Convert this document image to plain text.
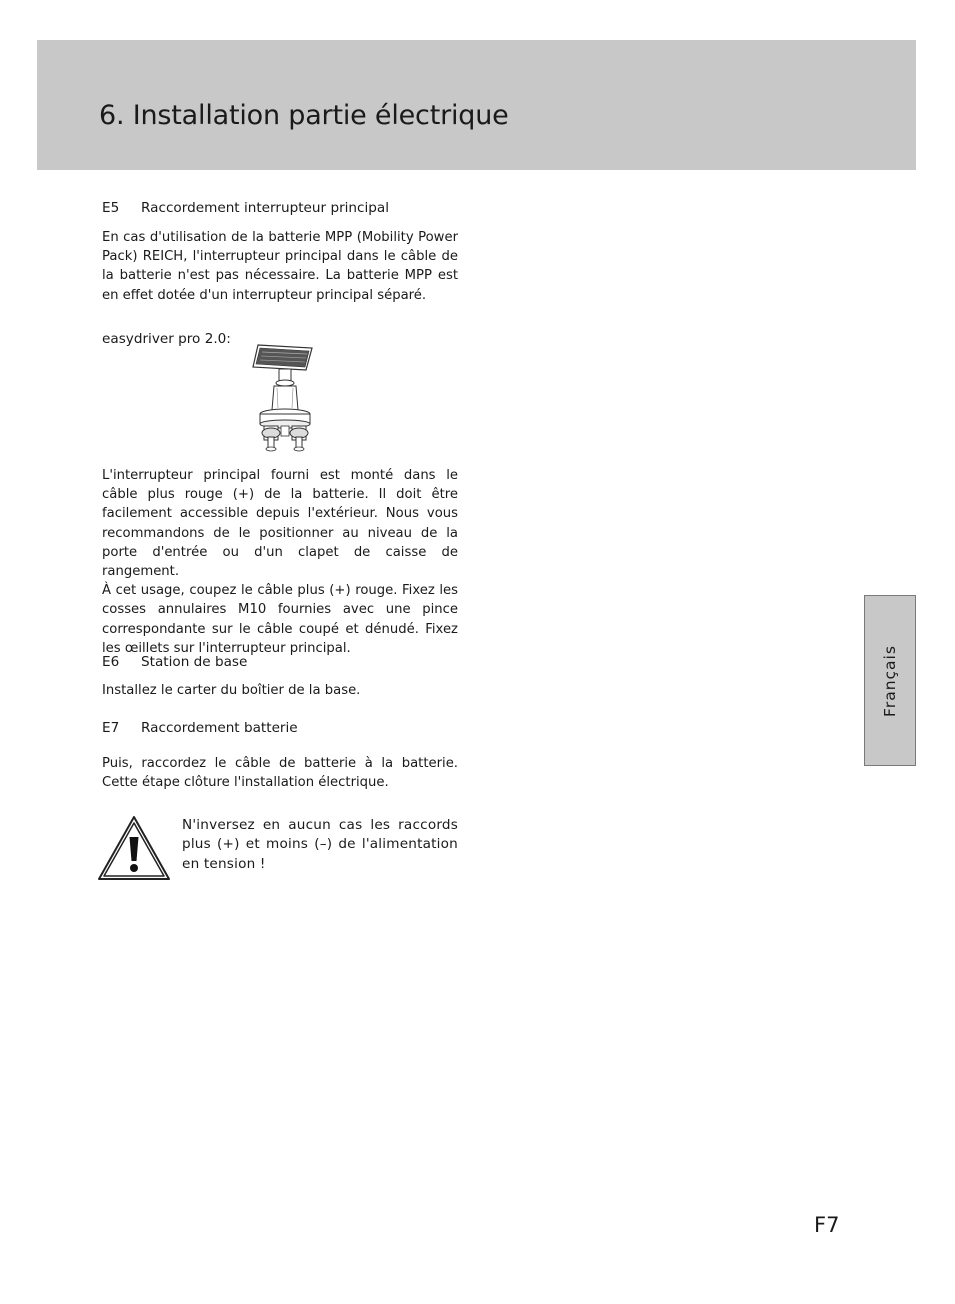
6. Installation partie électrique
E5 Raccordement interrupteur principal

En cas d'utilisation de la batterie MPP (Mobility Power Pack) REICH, l'interrupteur principal dans le câble de la batterie n'est pas nécessaire. La batterie MPP est en effet dotée d'un interrupteur principal séparé.

easydriver pro 2.0:

L'interrupteur principal fourni est monté dans le câble plus rouge (+) de la batterie. Il doit être facilement accessible depuis l'extérieur. Nous vous recommandons de le positionner au niveau de la porte d'entrée ou d'un clapet de caisse de rangement.

À cet usage, coupez le câble plus (+) rouge. Fixez les cosses annulaires M10 fournies avec une pince correspondante sur le câble coupé et dénudé. Fixez les œillets sur l'interrupteur principal.

E6 Station de base

Installez le carter du boîtier de la base.

E7 Raccordement batterie

Puis, raccordez le câble de batterie à la batterie. Cette étape clôture l'installation électrique.

N'inversez en aucun cas les raccords plus (+) et moins (–) de l'alimentation en tension !
Français
F7
